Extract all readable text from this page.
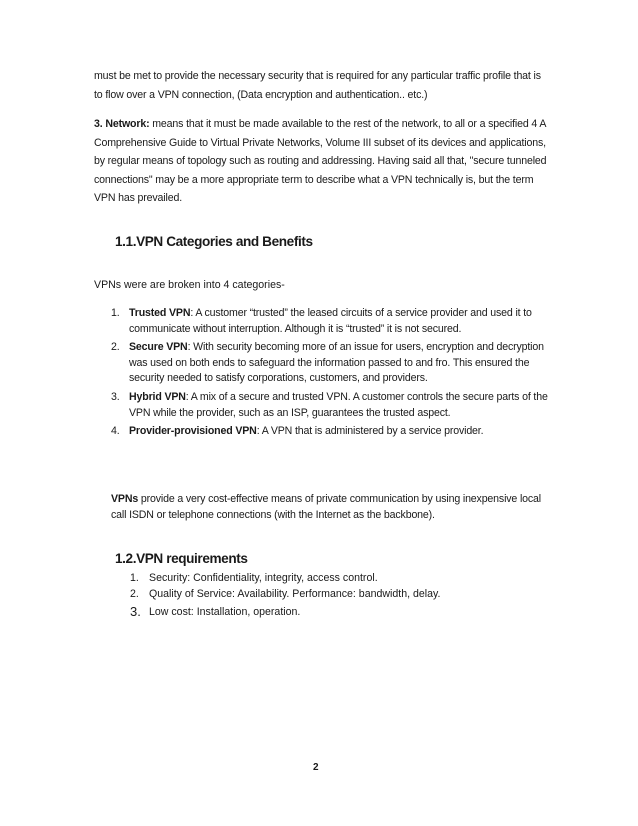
must be met to provide the necessary security that is required for any particular traffic profile that is to flow over a VPN connection, (Data encryption and authentication.. etc.)

3. Network: means that it must be made available to the rest of the network, to all or a specified 4 A Comprehensive Guide to Virtual Private Networks, Volume III subset of its devices and applications, by regular means of topology such as routing and addressing. Having said all that, "secure tunneled connections" may be a more appropriate term to describe what a VPN technically is, but the term VPN has prevailed.

1.1.VPN Categories and Benefits

VPNs were are broken into 4 categories-

1. Trusted VPN: A customer “trusted” the leased circuits of a service provider and used it to communicate without interruption. Although it is “trusted” it is not secured.
2. Secure VPN: With security becoming more of an issue for users, encryption and decryption was used on both ends to safeguard the information passed to and fro. This ensured the security needed to satisfy corporations, customers, and providers.
3. Hybrid VPN: A mix of a secure and trusted VPN. A customer controls the secure parts of the VPN while the provider, such as an ISP, guarantees the trusted aspect.
4. Provider-provisioned VPN: A VPN that is administered by a service provider.

VPNs provide a very cost-effective means of private communication by using inexpensive local call ISDN or telephone connections (with the Internet as the backbone).

1.2.VPN requirements
1. Security: Confidentiality, integrity, access control.
2. Quality of Service: Availability. Performance: bandwidth, delay.
3. Low cost: Installation, operation.
2
